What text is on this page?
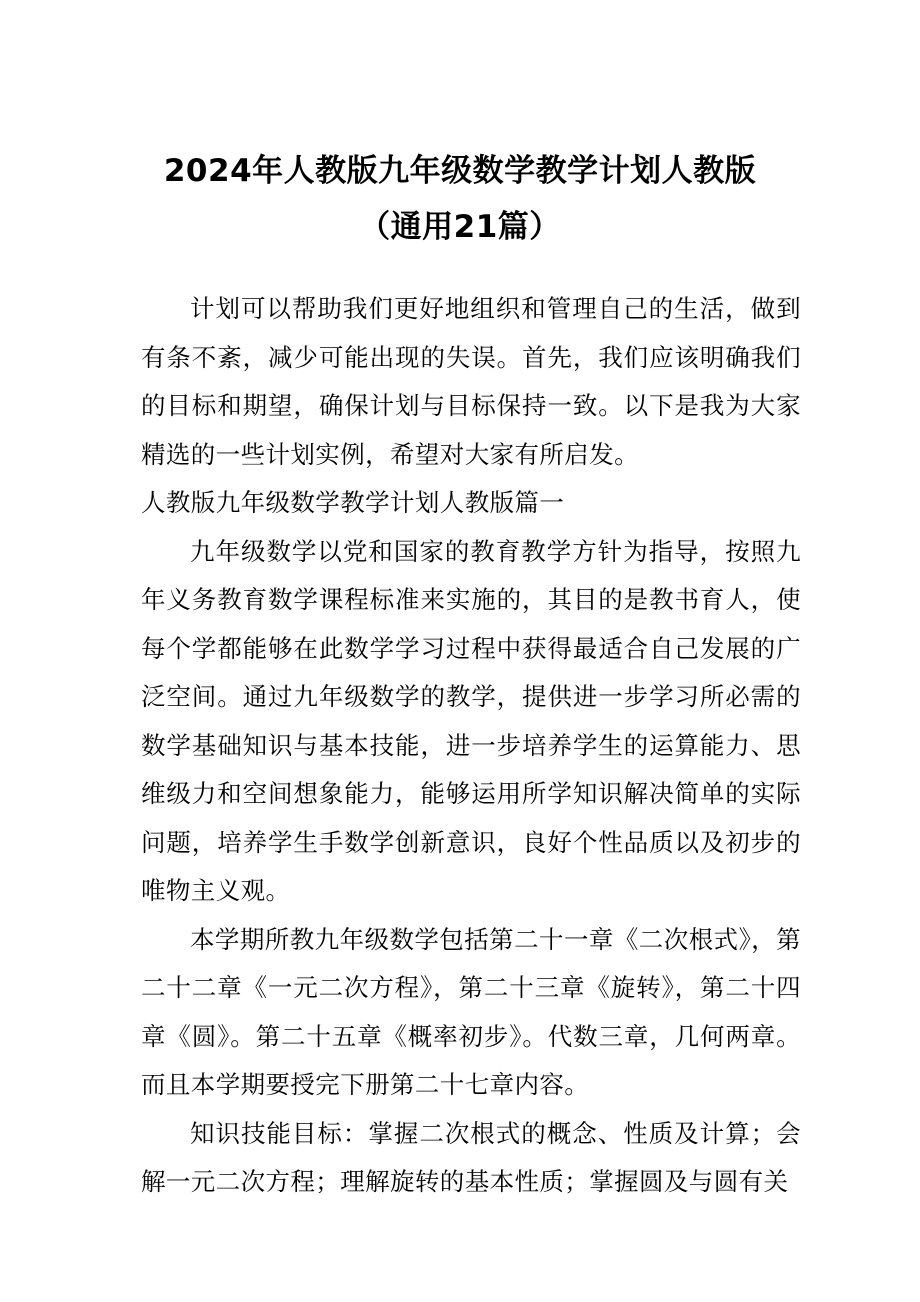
2024年人教版九年级数学教学计划人教版
（通用21篇）

计划可以帮助我们更好地组织和管理自己的生活，做到有条不紊，减少可能出现的失误。首先，我们应该明确我们的目标和期望，确保计划与目标保持一致。以下是我为大家精选的一些计划实例，希望对大家有所启发。

人教版九年级数学教学计划人教版篇一

九年级数学以党和国家的教育教学方针为指导，按照九年义务教育数学课程标准来实施的，其目的是教书育人，使每个学都能够在此数学学习过程中获得最适合自己发展的广泛空间。通过九年级数学的教学，提供进一步学习所必需的数学基础知识与基本技能，进一步培养学生的运算能力、思维级力和空间想象能力，能够运用所学知识解决简单的实际问题，培养学生手数学创新意识，良好个性品质以及初步的唯物主义观。

本学期所教九年级数学包括第二十一章《二次根式》，第二十二章《一元二次方程》，第二十三章《旋转》，第二十四章《圆》。第二十五章《概率初步》。代数三章，几何两章。而且本学期要授完下册第二十七章内容。

知识技能目标：掌握二次根式的概念、性质及计算；会解一元二次方程；理解旋转的基本性质；掌握圆及与圆有关
